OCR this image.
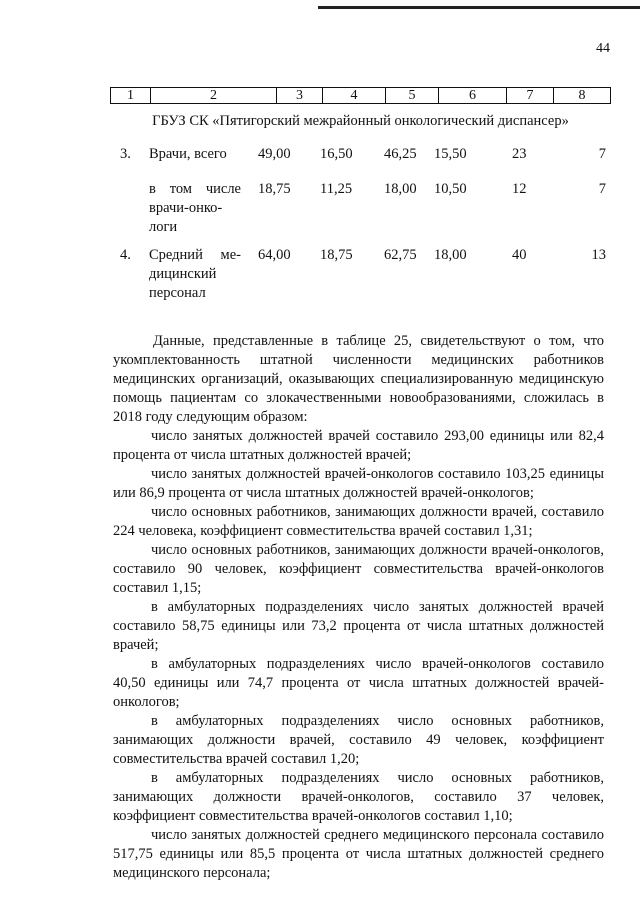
44
1	2	3	4	5	6	7	8
ГБУЗ СК «Пятигорский межрайонный онкологический диспансер»
3. Врачи, всего	49,00 16,50 46,25 15,50	23	7
в том числе
врачи-онко-
логи
18,75 11,25 18,00 10,50	12	7
4. Средний ме-
дицинский
персонал
64,00 18,75 62,75 18,00	40	13

Данные, представленные в таблице 25, свидетельствуют о том, что укомплектованность штатной численности медицинских работников медицинских организаций, оказывающих специализированную медицинскую помощь пациентам со злокачественными новообразованиями, сложилась в 2018 году следующим образом:

число занятых должностей врачей составило 293,00 единицы или 82,4 процента от числа штатных должностей врачей;

число занятых должностей врачей-онкологов составило 103,25 единицы или 86,9 процента от числа штатных должностей врачей-онкологов;

число основных работников, занимающих должности врачей, составило 224 человека, коэффициент совместительства врачей составил 1,31;

число основных работников, занимающих должности врачей-онкологов, составило 90 человек, коэффициент совместительства врачей-онкологов составил 1,15;

в амбулаторных подразделениях число занятых должностей врачей составило 58,75 единицы или 73,2 процента от числа штатных должностей врачей;

в амбулаторных подразделениях число врачей-онкологов составило 40,50 единицы или 74,7 процента от числа штатных должностей врачей-онкологов;

в амбулаторных подразделениях число основных работников, занимающих должности врачей, составило 49 человек, коэффициент совместительства врачей составил 1,20;

в амбулаторных подразделениях число основных работников, занимающих должности врачей-онкологов, составило 37 человек, коэффициент совместительства врачей-онкологов составил 1,10;

число занятых должностей среднего медицинского персонала составило 517,75 единицы или 85,5 процента от числа штатных должностей среднего медицинского персонала;
